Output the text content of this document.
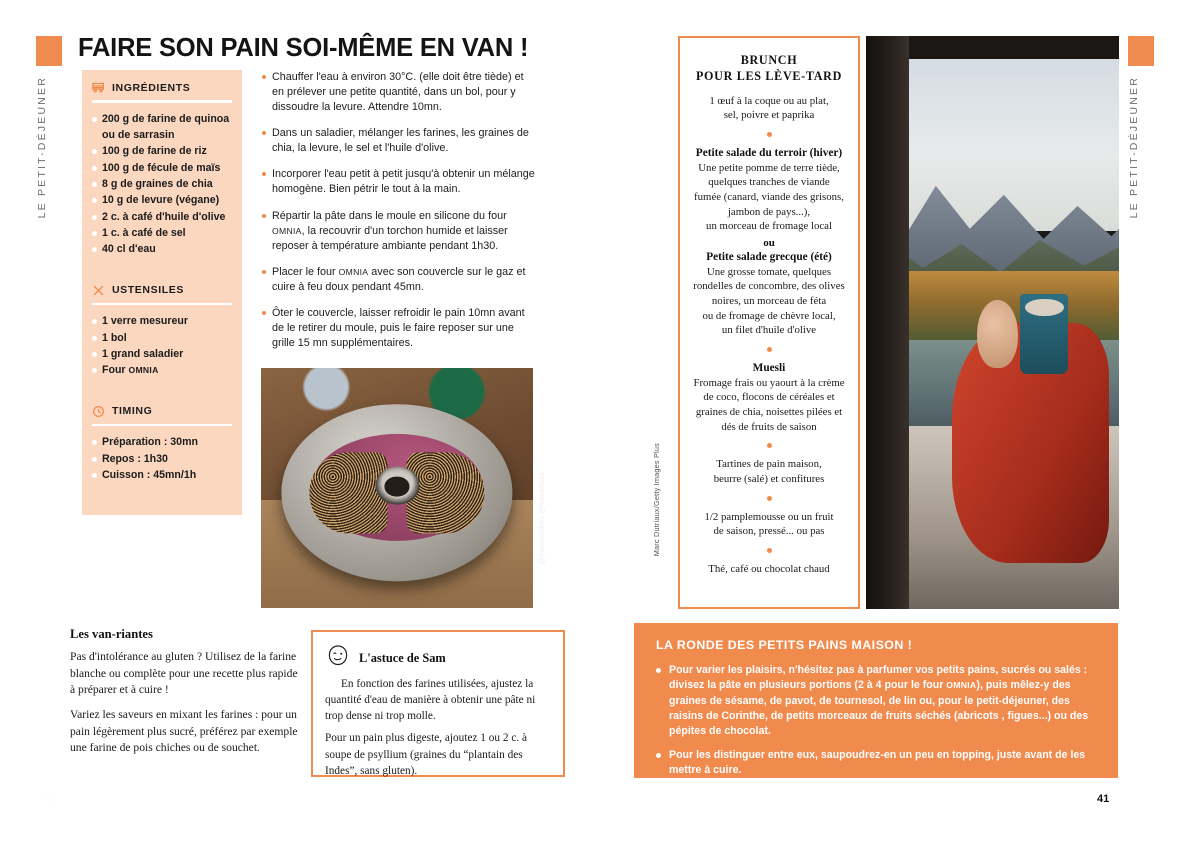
LE PETIT-DÉJEUNER	LE PETIT-DÉJEUNER
FAIRE SON PAIN SOI-MÊME EN VAN !
INGRÉDIENTS
200 g de farine de quinoa
ou de sarrasin
100 g de farine de riz
100 g de fécule de maïs
8 g de graines de chia
10 g de levure (végane)
2 c. à café d'huile d'olive
1 c. à café de sel
40 cl d'eau
USTENSILES
1 verre mesureur
1 bol
1 grand saladier
Four OMNIA
TIMING
Préparation : 30mn
Repos : 1h30
Cuisson : 45mn/1h

Chauffer l'eau à environ 30°C. (elle doit être tiède) et en prélever une petite quantité, dans un bol, pour y dissoudre la levure. Attendre 10mn.

Dans un saladier, mélanger les farines, les graines de chia, la levure, le sel et l'huile d'olive.

Incorporer l'eau petit à petit jusqu'à obtenir un mélange homogène. Bien pétrir le tout à la main.

Répartir la pâte dans le moule en silicone du four OMNIA, la recouvrir d'un torchon humide et laisser reposer à température ambiante pendant 1h30.

Placer le four OMNIA avec son couvercle sur le gaz et cuire à feu doux pendant 45mn.

Ôter le couvercle, laisser refroidir le pain 10mn avant de le retirer du moule, puis le faire reposer sur une grille 15 mn supplémentaires.

@marcelvibes @lescoflocs
Les van-riantes

Pas d'intolérance au gluten ? Utilisez de la farine blanche ou complète pour une recette plus rapide à préparer et à cuire !

Variez les saveurs en mixant les farines : pour un pain légèrement plus sucré, préférez par exemple une farine de pois chiches ou de souchet.

L'astuce de Sam

En fonction des farines utilisées, ajustez la quantité d'eau de manière à obtenir une pâte ni trop dense ni trop molle.

Pour un pain plus digeste, ajoutez 1 ou 2 c. à soupe de psyllium (graines du “plantain des Indes”, sans gluten).

BRUNCH
POUR LES LÈVE-TARD
1 œuf à la coque ou au plat,
sel, poivre et paprika
Petite salade du terroir (hiver)
Une petite pomme de terre tiède,
quelques tranches de viande
fumée (canard, viande des grisons,
jambon de pays...),
un morceau de fromage local
ou
Petite salade grecque (été)
Une grosse tomate, quelques
rondelles de concombre, des olives
noires, un morceau de féta
ou de fromage de chèvre local,
un filet d'huile d'olive
Muesli
Fromage frais ou yaourt à la crème
de coco, flocons de céréales et
graines de chia, noisettes pilées et
dés de fruits de saison
Tartines de pain maison,
beurre (salé) et confitures
1/2 pamplemousse ou un fruit
de saison, pressé... ou pas
Thé, café ou chocolat chaud
Marc Dutriaux/Getty Images Plus
LA RONDE DES PETITS PAINS MAISON !
Pour varier les plaisirs, n'hésitez pas à parfumer vos petits pains, sucrés ou salés : divisez la pâte en plusieurs portions (2 à 4 pour le four OMNIA), puis mêlez-y des graines de sésame, de pavot, de tournesol, de lin ou, pour le petit-déjeuner, des raisins de Corinthe, de petits morceaux de fruits séchés (abricots , figues...) ou des pépites de chocolat.
Pour les distinguer entre eux, saupoudrez-en un peu en topping, juste avant de les mettre à cuire.
40	41
